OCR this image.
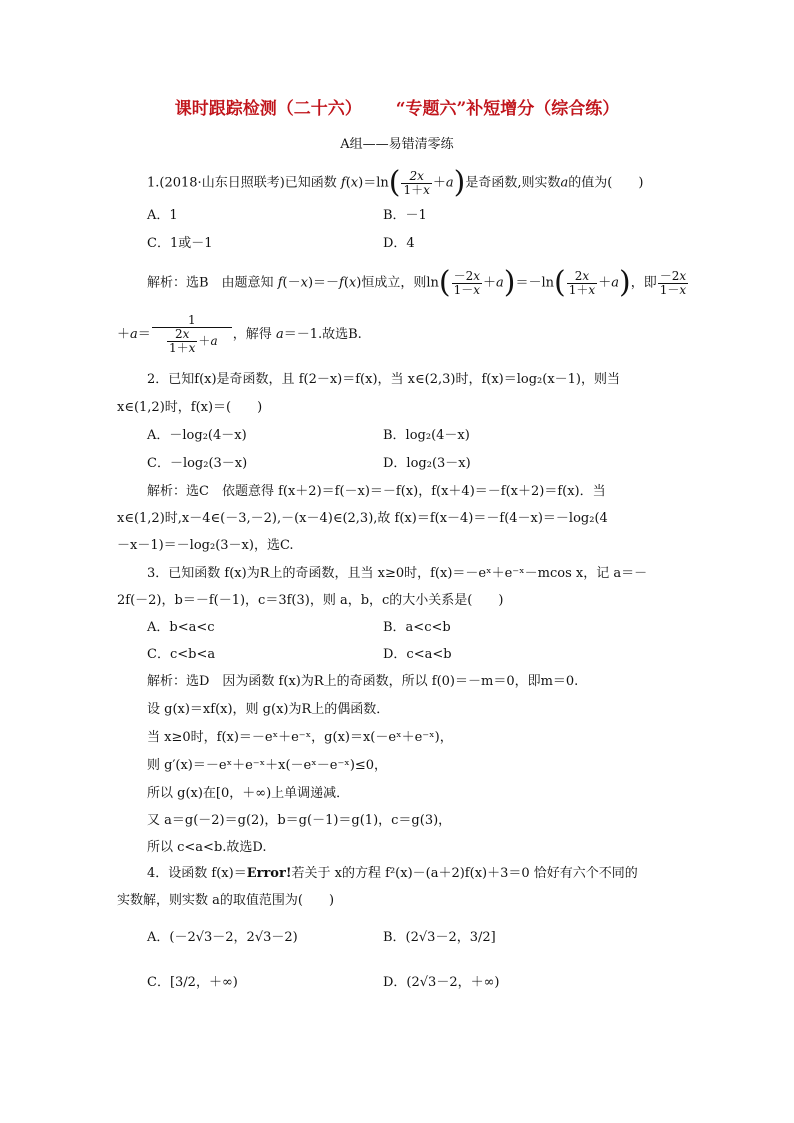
课时跟踪检测（二十六） “专题六”补短增分（综合练）
A组——易错清零练
1.(2018·山东日照联考)已知函数 $f(x)=\ln( \frac{2x}{1+x} +a)$是奇函数,则实数a的值为(　　)
A．1	B．－1
C．1或－1	D．4
解析：选B　由题意知 f(－x)＝－f(x)恒成立，则$\ln( \frac{-2x}{1-x} +a)=-\ln( \frac{2x}{1+x} +a)$，即 $\frac{-2x}{1-x}$
$+a= \frac{1}{\frac{2x}{1+x} +a}$ ，解得 a＝－1.故选B.
2．已知f(x)是奇函数，且 f(2－x)＝f(x)，当 x∈(2,3)时，f(x)＝log₂(x－1)，则当
x∈(1,2)时，f(x)＝(　　)
A．－log₂(4－x)	B．log₂(4－x)
C．－log₂(3－x)	D．log₂(3－x)
解析：选C　依题意得 f(x＋2)＝f(－x)＝－f(x)，f(x＋4)＝－f(x＋2)＝f(x)．当
x∈(1,2)时,x－4∈(－3,－2),－(x－4)∈(2,3),故 f(x)＝f(x－4)＝－f(4－x)＝－log₂(4
－x－1)＝－log₂(3－x)，选C.
3．已知函数 f(x)为R上的奇函数，且当 x≥0时，f(x)＝－eˣ＋e⁻ˣ－mcos x，记 a＝－
2f(－2)，b＝－f(－1)，c＝3f(3)，则 a，b，c的大小关系是(　　)
A．b<a<c	B．a<c<b
C．c<b<a	D．c<a<b
解析：选D　因为函数 f(x)为R上的奇函数，所以 f(0)＝－m＝0，即m＝0.
设 g(x)＝xf(x)，则 g(x)为R上的偶函数．
当 x≥0时，f(x)＝－eˣ＋e⁻ˣ，g(x)＝x(－eˣ＋e⁻ˣ)，
则 g′(x)＝－eˣ＋e⁻ˣ＋x(－eˣ－e⁻ˣ)≤0，
所以 g(x)在[0，＋∞)上单调递减．
又 a＝g(－2)＝g(2)，b＝g(－1)＝g(1)，c＝g(3)，
所以 c<a<b.故选D.
4．设函数 f(x)＝Error!若关于 x的方程 f²(x)－(a＋2)f(x)＋3＝0 恰好有六个不同的
实数解，则实数 a的取值范围为(　　)
A．(－2√3－2，2√3－2)	B．(2√3－2，3/2]
C．[3/2，＋∞)	D．(2√3－2，＋∞)
